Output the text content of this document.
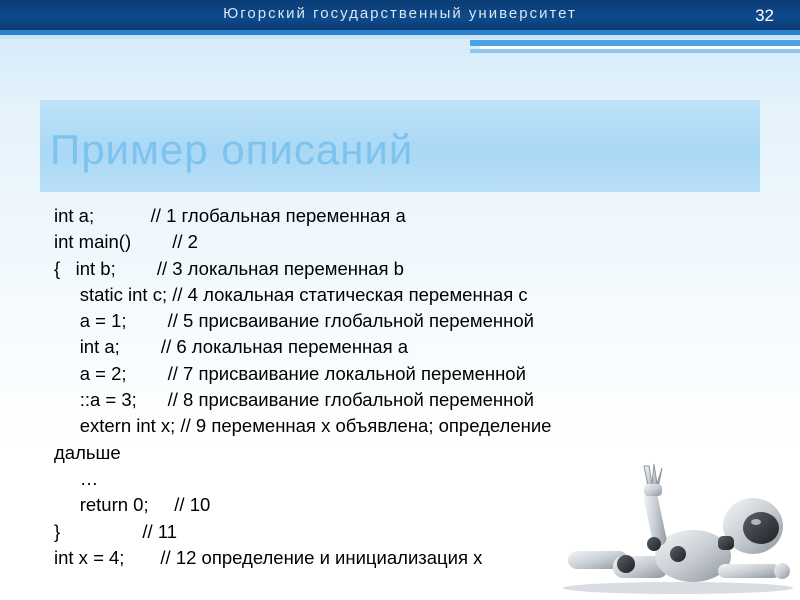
Югорский государственный университет	32
Пример описаний
int a;           // 1 глобальная переменная a
int main()        // 2
{   int b;        // 3 локальная переменная b
static int c; // 4 локальная статическая переменная c
a = 1;        // 5 присваивание глобальной переменной
int a;        // 6 локальная переменная a
a = 2;        // 7 присваивание локальной переменной
::a = 3;      // 8 присваивание глобальной переменной
extern int x; // 9 переменная х объявлена; определение
дальше
…
return 0;     // 10
}                // 11
int x = 4;       // 12 определение и инициализация x
